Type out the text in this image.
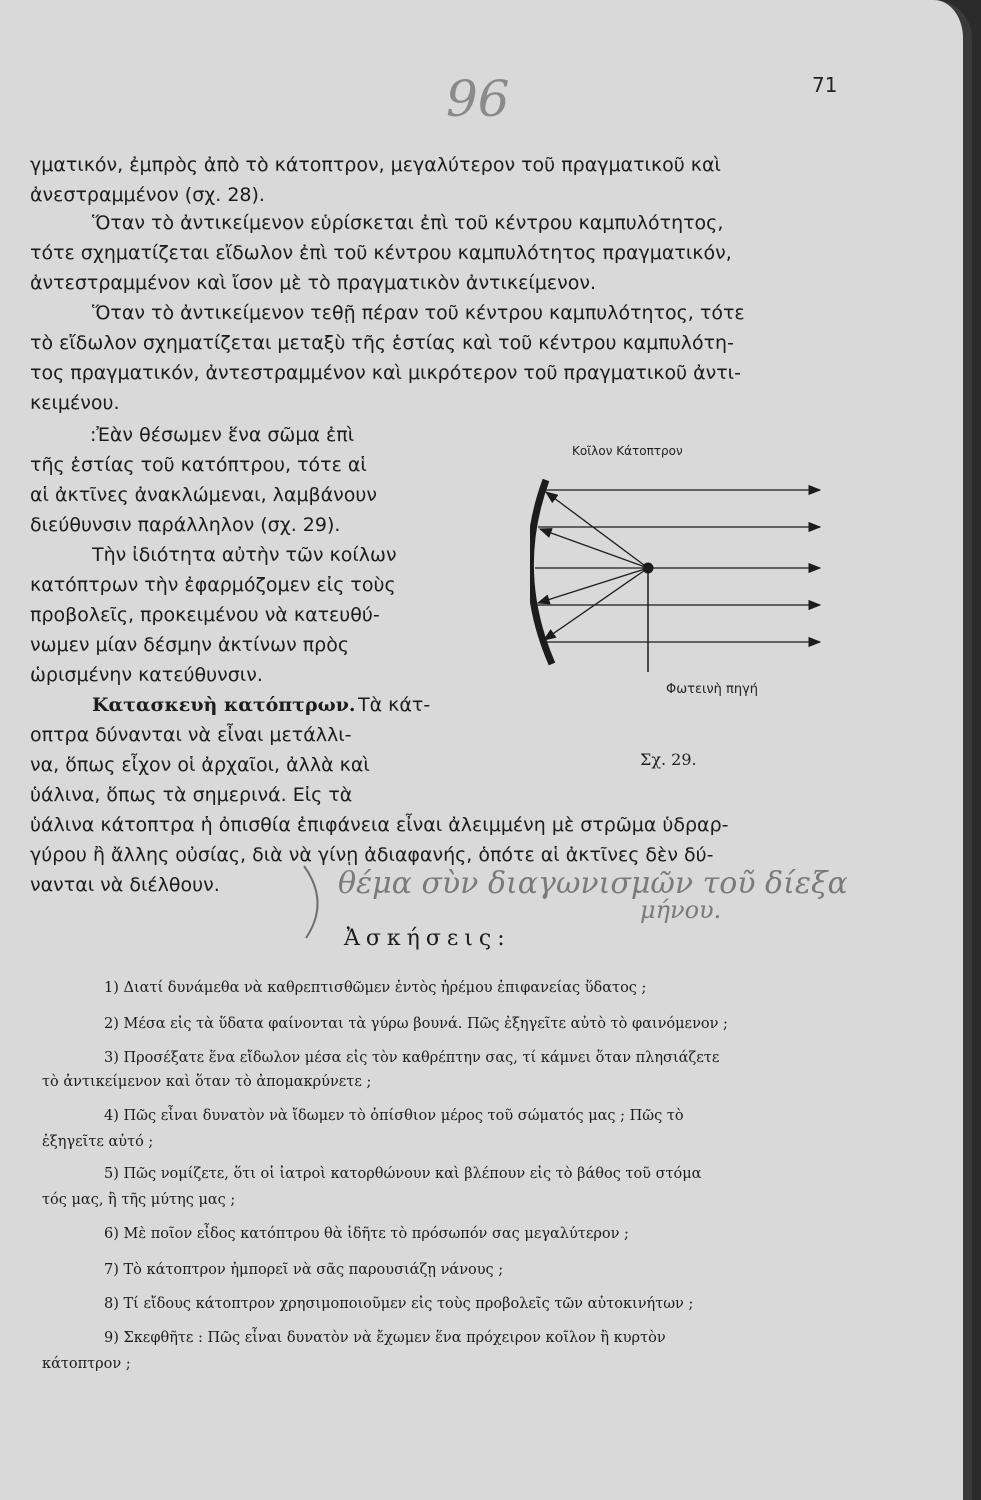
96	71
γματικόν, ἐμπρὸς ἀπὸ τὸ κάτοπτρον, μεγαλύτερον τοῦ πραγματικοῦ καὶ
ἀνεστραμμένον (σχ. 28).
Ὅταν τὸ ἀντικείμενον εὑρίσκεται ἐπὶ τοῦ κέντρου καμπυλότητος,
τότε σχηματίζεται εἴδωλον ἐπὶ τοῦ κέντρου καμπυλότητος πραγματικόν,
ἀντεστραμμένον καὶ ἴσον μὲ τὸ πραγματικὸν ἀντικείμενον.
Ὅταν τὸ ἀντικείμενον τεθῇ πέραν τοῦ κέντρου καμπυλότητος, τότε
τὸ εἴδωλον σχηματίζεται μεταξὺ τῆς ἑστίας καὶ τοῦ κέντρου καμπυλότη-
τος πραγματικόν, ἀντεστραμμένον καὶ μικρότερον τοῦ πραγματικοῦ ἀντι-
κειμένου.
:Ἐὰν θέσωμεν ἕνα σῶμα ἐπὶ
τῆς ἑστίας τοῦ κατόπτρου, τότε αἱ
αἱ ἀκτῖνες ἀνακλώμεναι, λαμβάνουν
διεύθυνσιν παράλληλον (σχ. 29).
Τὴν ἰδιότητα αὐτὴν τῶν κοίλων
κατόπτρων τὴν ἐφαρμόζομεν εἰς τοὺς
προβολεῖς, προκειμένου νὰ κατευθύ-
νωμεν μίαν δέσμην ἀκτίνων πρὸς
ὡρισμένην κατεύθυνσιν.
Κατασκευὴ κατόπτρων. Τὰ κάτ-
οπτρα δύνανται νὰ εἶναι μετάλλι-
να, ὅπως εἶχον οἱ ἀρχαῖοι, ἀλλὰ καὶ
ὑάλινα, ὅπως τὰ σημερινά. Εἰς τὰ
ὑάλινα κάτοπτρα ἡ ὀπισθία ἐπιφάνεια εἶναι ἀλειμμένη μὲ στρῶμα ὑδραρ-
γύρου ἢ ἄλλης οὐσίας, διὰ νὰ γίνῃ ἀδιαφανής, ὁπότε αἱ ἀκτῖνες δὲν δύ-
νανται νὰ διέλθουν.
Κοῖλον Κάτοπτρον
Φωτεινὴ πηγή
Σχ. 29.
θέμα σὺν διαγωνισμῶν τοῦ δίεξα
μήνου.
Ἀσκήσεις:
1) Διατί δυνάμεθα νὰ καθρεπτισθῶμεν ἐντὸς ἠρέμου ἐπιφανείας ὕδατος ;
2) Μέσα εἰς τὰ ὕδατα φαίνονται τὰ γύρω βουνά. Πῶς ἐξηγεῖτε αὐτὸ τὸ φαινόμενον ;
3) Προσέξατε ἕνα εἴδωλον μέσα εἰς τὸν καθρέπτην σας, τί κάμνει ὅταν πλησιάζετε
τὸ ἀντικείμενον καὶ ὅταν τὸ ἀπομακρύνετε ;
4) Πῶς εἶναι δυνατὸν νὰ ἴδωμεν τὸ ὀπίσθιον μέρος τοῦ σώματός μας ; Πῶς τὸ
ἐξηγεῖτε αὐτό ;
5) Πῶς νομίζετε, ὅτι οἱ ἰατροὶ κατορθώνουν καὶ βλέπουν εἰς τὸ βάθος τοῦ στόμα
τός μας, ἢ τῆς μύτης μας ;
6) Μὲ ποῖον εἶδος κατόπτρου θὰ ἰδῆτε τὸ πρόσωπόν σας μεγαλύτερον ;
7) Τὸ κάτοπτρον ἠμπορεῖ νὰ σᾶς παρουσιάζῃ νάνους ;
8) Τί εἴδους κάτοπτρον χρησιμοποιοῦμεν εἰς τοὺς προβολεῖς τῶν αὐτοκινήτων ;
9) Σκεφθῆτε : Πῶς εἶναι δυνατὸν νὰ ἔχωμεν ἕνα πρόχειρον κοῖλον ἢ κυρτὸν
κάτοπτρον ;
